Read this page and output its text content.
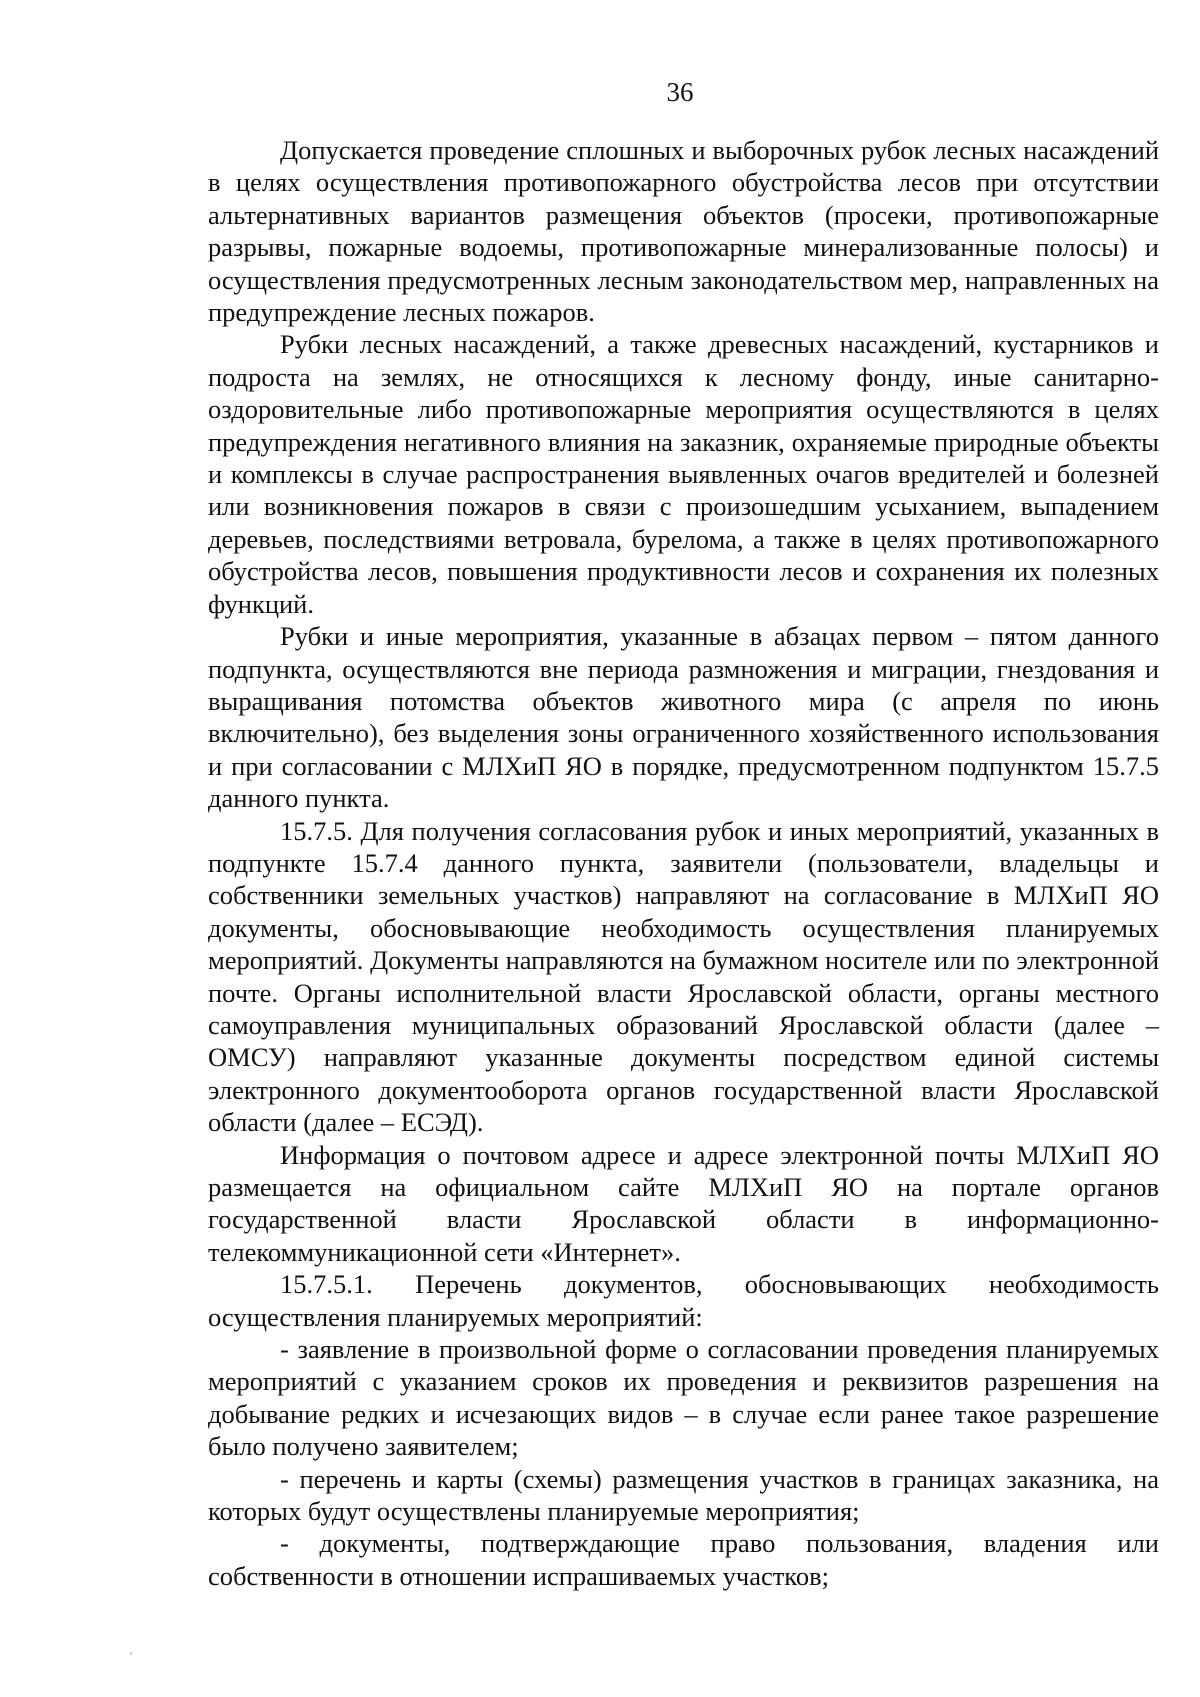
36

Допускается проведение сплошных и выборочных рубок лесных насаждений в целях осуществления противопожарного обустройства лесов при отсутствии альтернативных вариантов размещения объектов (просеки, противопожарные разрывы, пожарные водоемы, противопожарные минерализованные полосы) и осуществления предусмотренных лесным законодательством мер, направленных на предупреждение лесных пожаров.

Рубки лесных насаждений, а также древесных насаждений, кустарников и подроста на землях, не относящихся к лесному фонду, иные санитарно-оздоровительные либо противопожарные мероприятия осуществляются в целях предупреждения негативного влияния на заказник, охраняемые природные объекты и комплексы в случае распространения выявленных очагов вредителей и болезней или возникновения пожаров в связи с произошедшим усыханием, выпадением деревьев, последствиями ветровала, бурелома, а также в целях противопожарного обустройства лесов, повышения продуктивности лесов и сохранения их полезных функций.

Рубки и иные мероприятия, указанные в абзацах первом – пятом данного подпункта, осуществляются вне периода размножения и миграции, гнездования и выращивания потомства объектов животного мира (с апреля по июнь включительно), без выделения зоны ограниченного хозяйственного использования и при согласовании с МЛХиП ЯО в порядке, предусмотренном подпунктом 15.7.5 данного пункта.

15.7.5. Для получения согласования рубок и иных мероприятий, указанных в подпункте 15.7.4 данного пункта, заявители (пользователи, владельцы и собственники земельных участков) направляют на согласование в МЛХиП ЯО документы, обосновывающие необходимость осуществления планируемых мероприятий. Документы направляются на бумажном носителе или по электронной почте. Органы исполнительной власти Ярославской области, органы местного самоуправления муниципальных образований Ярославской области (далее – ОМСУ) направляют указанные документы посредством единой системы электронного документооборота органов государственной власти Ярославской области (далее – ЕСЭД).

Информация о почтовом адресе и адресе электронной почты МЛХиП ЯО размещается на официальном сайте МЛХиП ЯО на портале органов государственной власти Ярославской области в информационно-телекоммуникационной сети «Интернет».

15.7.5.1. Перечень документов, обосновывающих необходимость осуществления планируемых мероприятий:

- заявление в произвольной форме о согласовании проведения планируемых мероприятий с указанием сроков их проведения и реквизитов разрешения на добывание редких и исчезающих видов – в случае если ранее такое разрешение было получено заявителем;

- перечень и карты (схемы) размещения участков в границах заказника, на которых будут осуществлены планируемые мероприятия;

- документы, подтверждающие право пользования, владения или собственности в отношении испрашиваемых участков;
